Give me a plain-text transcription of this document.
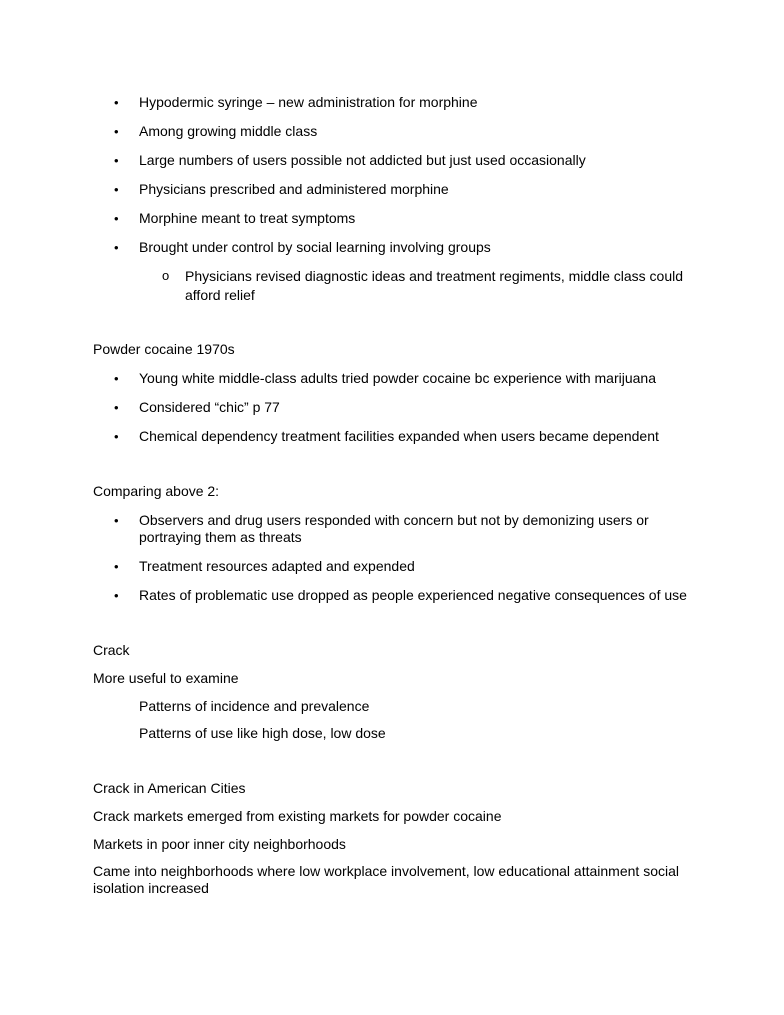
• Hypodermic syringe – new administration for morphine
• Among growing middle class
• Large numbers of users possible not addicted but just used occasionally
• Physicians prescribed and administered morphine
• Morphine meant to treat symptoms
• Brought under control by social learning involving groups
o Physicians revised diagnostic ideas and treatment regiments, middle class could afford relief
Powder cocaine 1970s
• Young white middle-class adults tried powder cocaine bc experience with marijuana
• Considered “chic” p 77
• Chemical dependency treatment facilities expanded when users became dependent
Comparing above 2:
• Observers and drug users responded with concern but not by demonizing users or portraying them as threats
• Treatment resources adapted and expended
• Rates of problematic use dropped as people experienced negative consequences of use
Crack
More useful to examine
Patterns of incidence and prevalence
Patterns of use like high dose, low dose
Crack in American Cities
Crack markets emerged from existing markets for powder cocaine
Markets in poor inner city neighborhoods
Came into neighborhoods where low workplace involvement, low educational attainment social isolation increased
